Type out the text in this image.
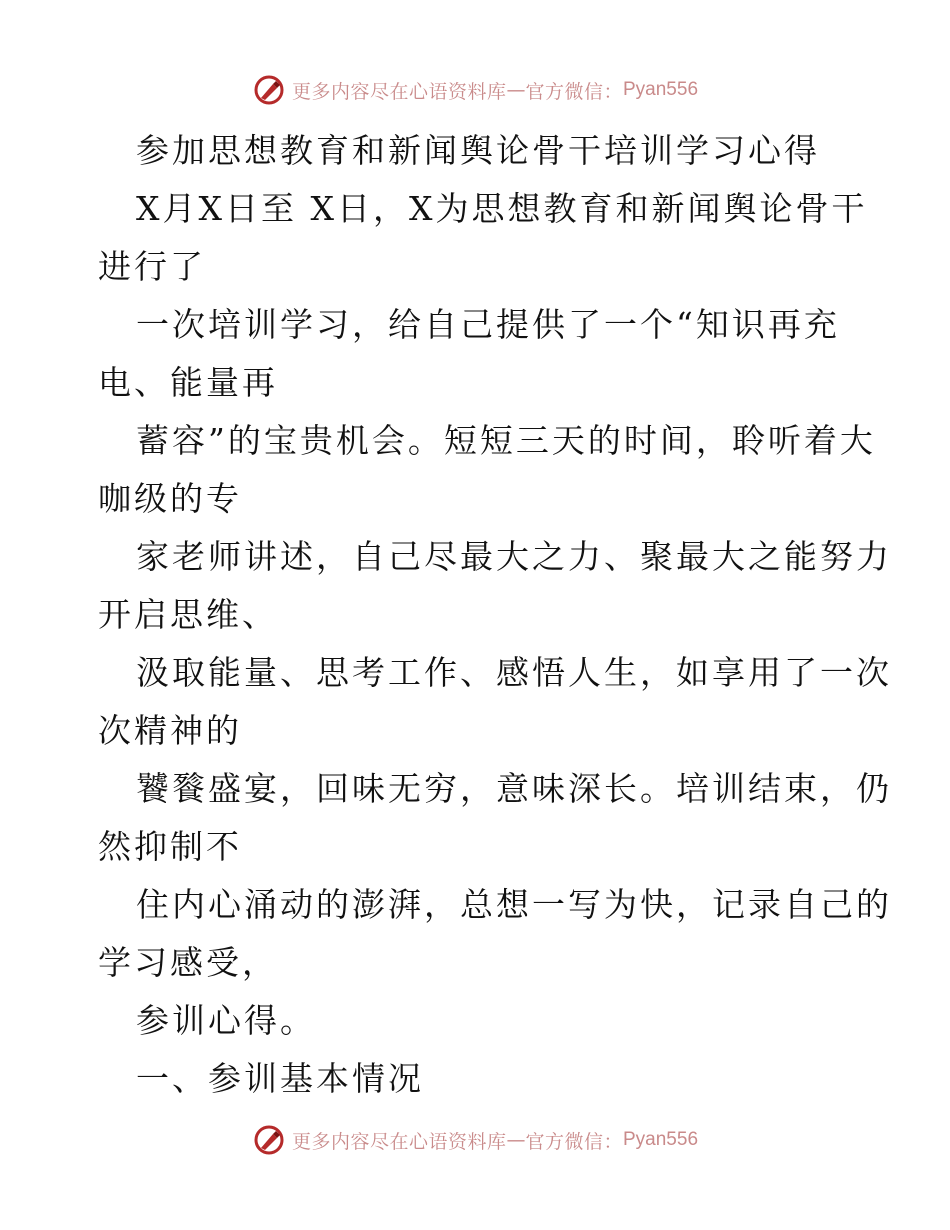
更多内容尽在心语资料库 — 官方微信： Pyan556
参加思想教育和新闻舆论骨干培训学习心得
X月X日至 X日，X为思想教育和新闻舆论骨干
进行了
一次培训学习，给自己提供了一个“知识再充
电、能量再
蓄容”的宝贵机会。短短三天的时间，聆听着大
咖级的专
家老师讲述，自己尽最大之力、聚最大之能努力
开启思维、
汲取能量、思考工作、感悟人生，如享用了一次
次精神的
饕餮盛宴，回味无穷，意味深长。培训结束，仍
然抑制不
住内心涌动的澎湃，总想一写为快，记录自己的
学习感受，
参训心得。
一、参训基本情况
更多内容尽在心语资料库 — 官方微信： Pyan556
